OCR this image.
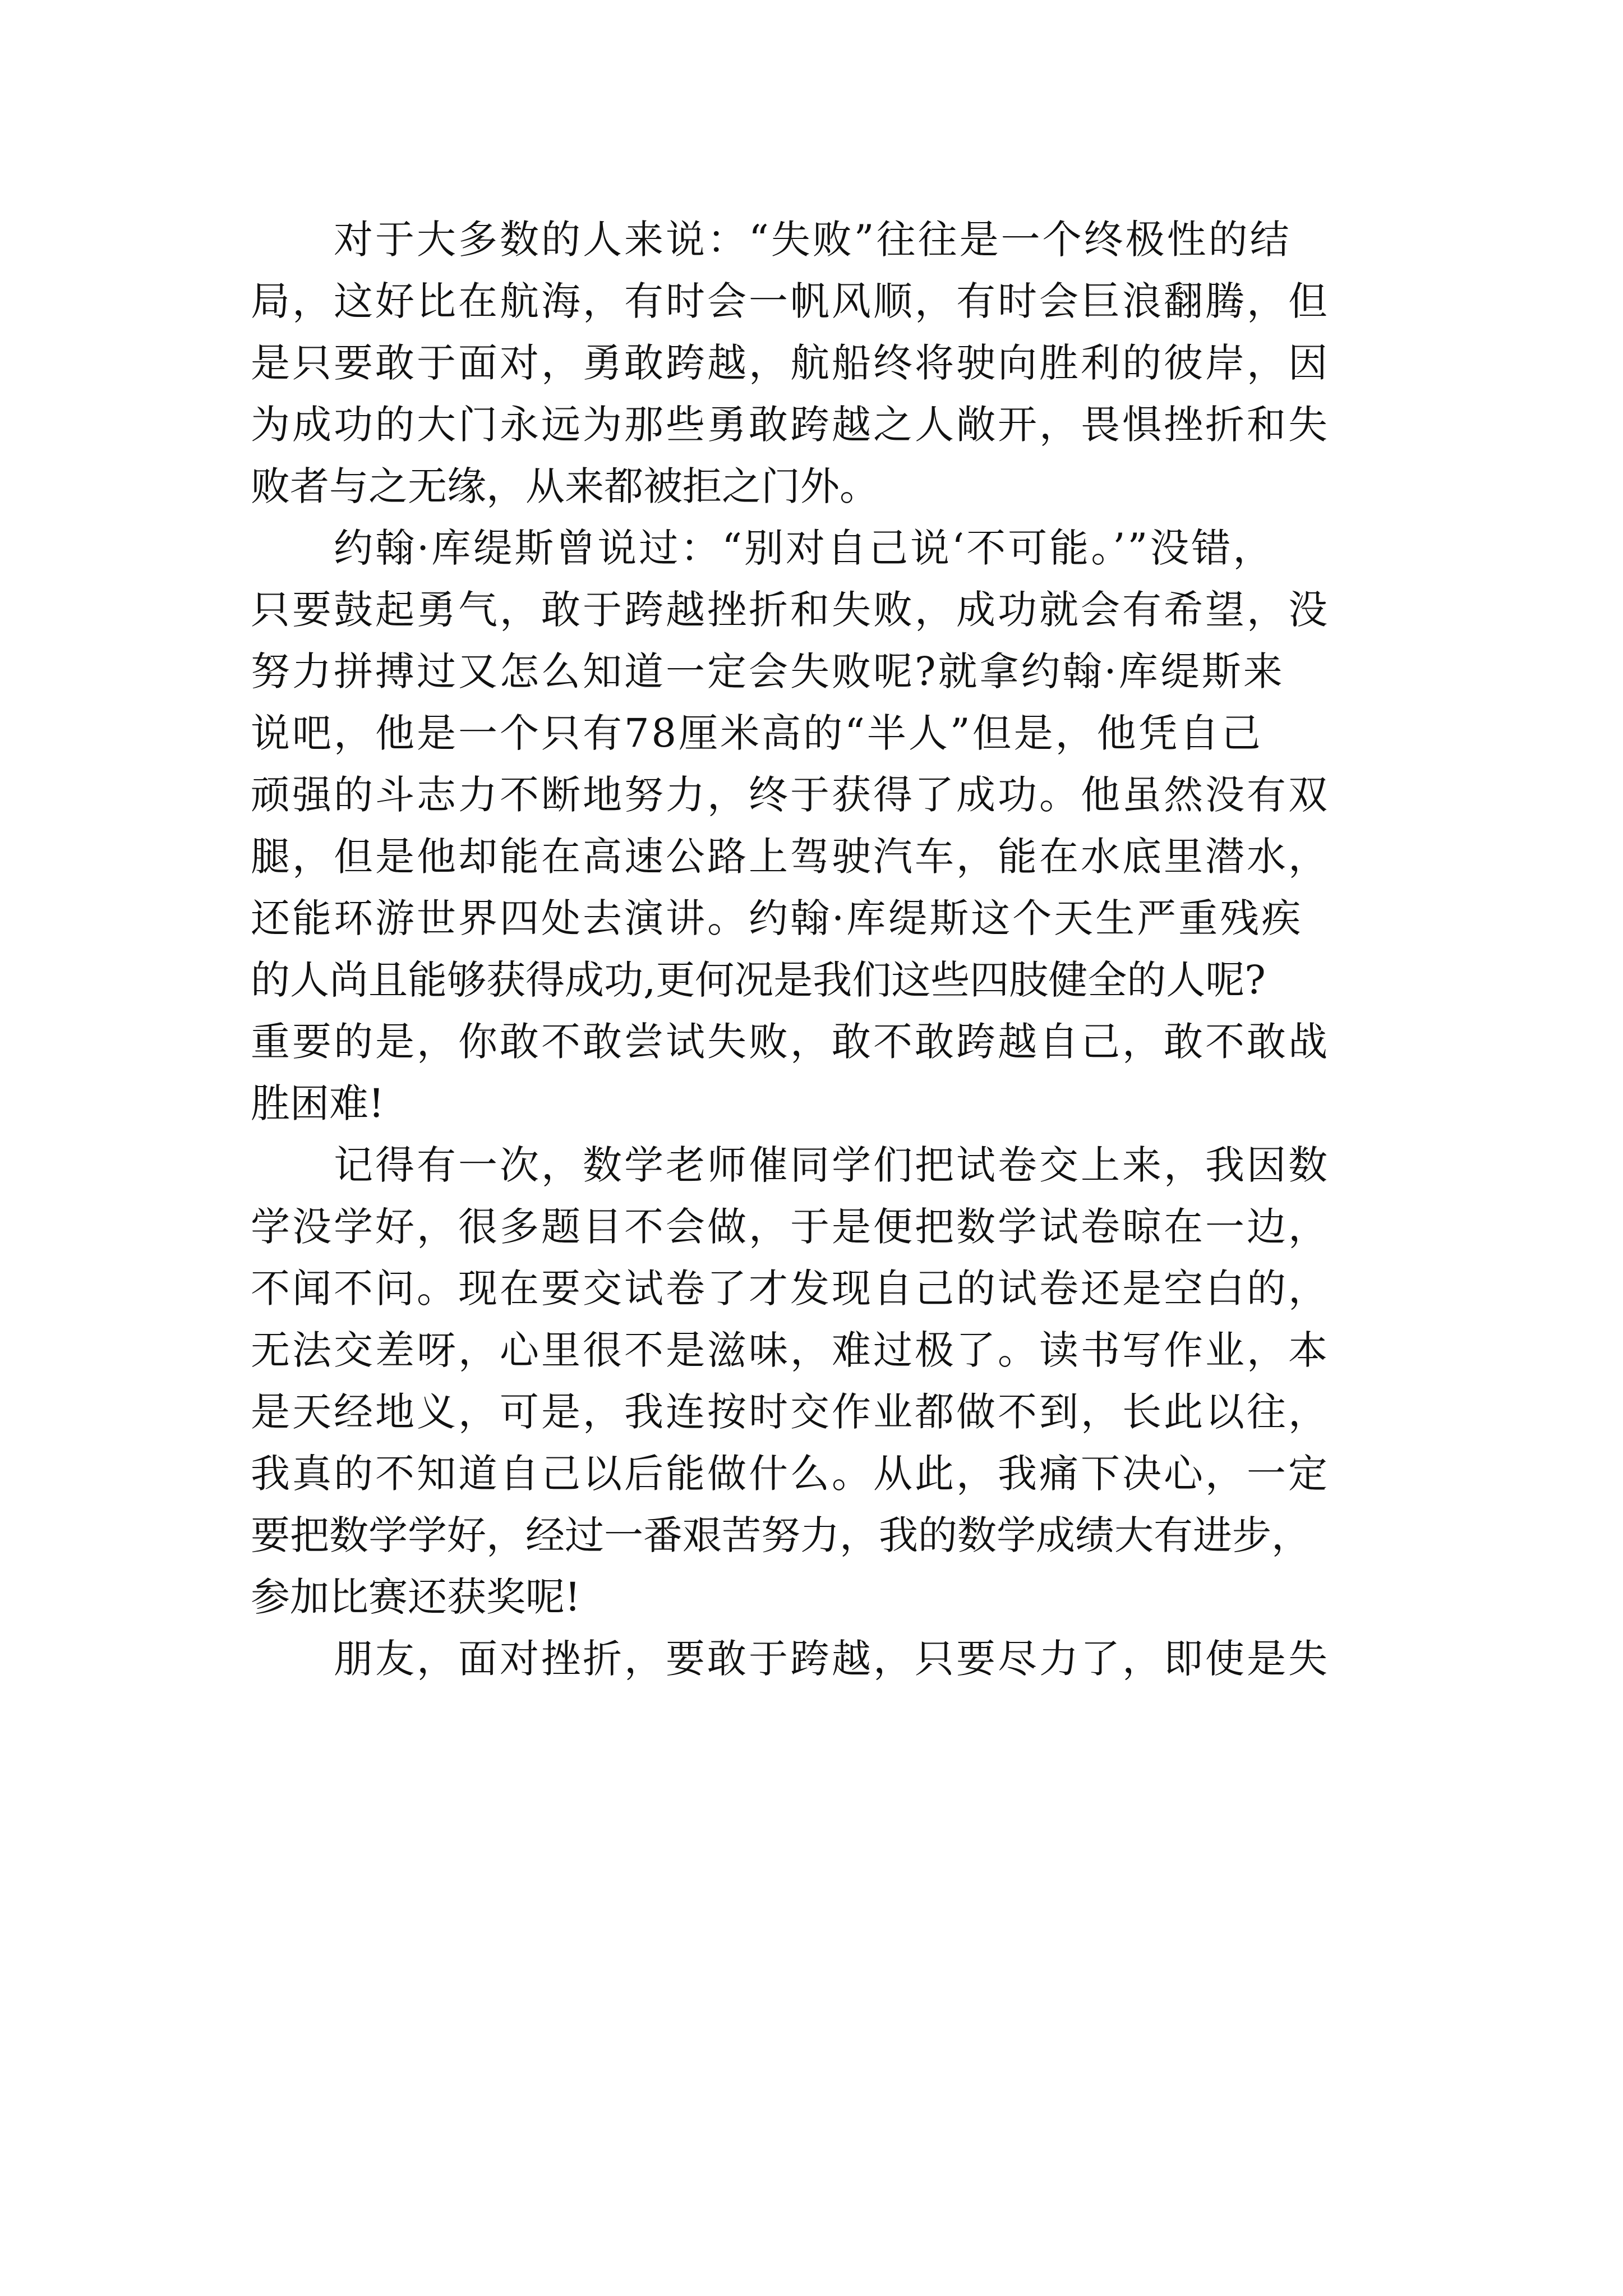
对于大多数的人来说：“失败”往往是一个终极性的结
局，这好比在航海，有时会一帆风顺，有时会巨浪翻腾，但
是只要敢于面对，勇敢跨越，航船终将驶向胜利的彼岸，因
为成功的大门永远为那些勇敢跨越之人敞开，畏惧挫折和失
败者与之无缘，从来都被拒之门外。
约翰·库缇斯曾说过：“别对自己说‘不可能。’”没错，
只要鼓起勇气，敢于跨越挫折和失败，成功就会有希望，没
努力拼搏过又怎么知道一定会失败呢?就拿约翰·库缇斯来
说吧，他是一个只有78厘米高的“半人”但是，他凭自己
顽强的斗志力不断地努力，终于获得了成功。他虽然没有双
腿，但是他却能在高速公路上驾驶汽车，能在水底里潜水，
还能环游世界四处去演讲。约翰·库缇斯这个天生严重残疾
的人尚且能够获得成功,更何况是我们这些四肢健全的人呢?
重要的是，你敢不敢尝试失败，敢不敢跨越自己，敢不敢战
胜困难!
记得有一次，数学老师催同学们把试卷交上来，我因数
学没学好，很多题目不会做，于是便把数学试卷晾在一边，
不闻不问。现在要交试卷了才发现自己的试卷还是空白的，
无法交差呀，心里很不是滋味，难过极了。读书写作业，本
是天经地义，可是，我连按时交作业都做不到，长此以往，
我真的不知道自己以后能做什么。从此，我痛下决心，一定
要把数学学好，经过一番艰苦努力，我的数学成绩大有进步，
参加比赛还获奖呢!
朋友，面对挫折，要敢于跨越，只要尽力了，即使是失
